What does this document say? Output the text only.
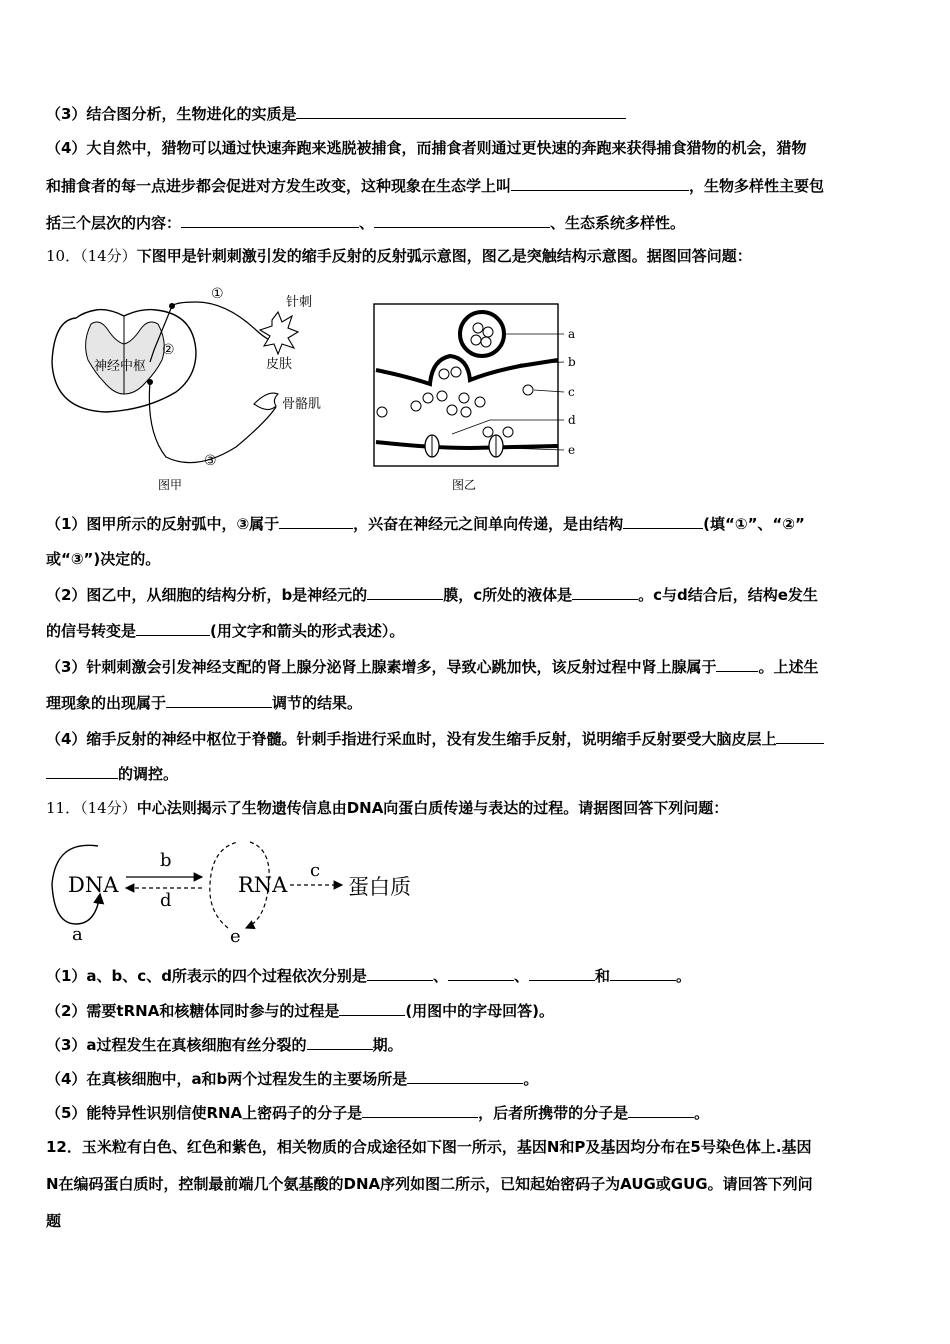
（3）结合图分析，生物进化的实质是
（4）大自然中，猎物可以通过快速奔跑来逃脱被捕食，而捕食者则通过更快速的奔跑来获得捕食猎物的机会，猎物
和捕食者的每一点进步都会促进对方发生改变，这种现象在生态学上叫	，生物多样性主要包
括三个层次的内容：	、	、生态系统多样性。
10．（14分）下图甲是针刺刺激引发的缩手反射的反射弧示意图，图乙是突触结构示意图。据图回答问题：
①
②
③
针刺
皮肤
骨骼肌
神经中枢
图甲
a
b
c
d
e
图乙
（1）图甲所示的反射弧中，③属于	，兴奋在神经元之间单向传递，是由结构	(填“①”、“②”
或“③”)决定的。
（2）图乙中，从细胞的结构分析，b是神经元的	膜，c所处的液体是	。c与d结合后，结构e发生
的信号转变是	(用文字和箭头的形式表述）。
（3）针刺刺激会引发神经支配的肾上腺分泌肾上腺素增多，导致心跳加快，该反射过程中肾上腺属于	。上述生
理现象的出现属于	调节的结果。
（4）缩手反射的神经中枢位于脊髓。针刺手指进行采血时，没有发生缩手反射，说明缩手反射要受大脑皮层上
的调控。
11．（14分）中心法则揭示了生物遗传信息由DNA向蛋白质传递与表达的过程。请据图回答下列问题：
DNA
a
b
d
e
RNA
c
蛋白质
（1）a、b、c、d所表示的四个过程依次分别是	、	、	和	。
（2）需要tRNA和核糖体同时参与的过程是	(用图中的字母回答)。
（3）a过程发生在真核细胞有丝分裂的	期。
（4）在真核细胞中，a和b两个过程发生的主要场所是	。
（5）能特异性识别信使RNA上密码子的分子是	，后者所携带的分子是	。
12．玉米粒有白色、红色和紫色，相关物质的合成途径如下图一所示，基因N和P及基因均分布在5号染色体上.基因
N在编码蛋白质时，控制最前端几个氨基酸的DNA序列如图二所示，已知起始密码子为AUG或GUG。请回答下列问
题
